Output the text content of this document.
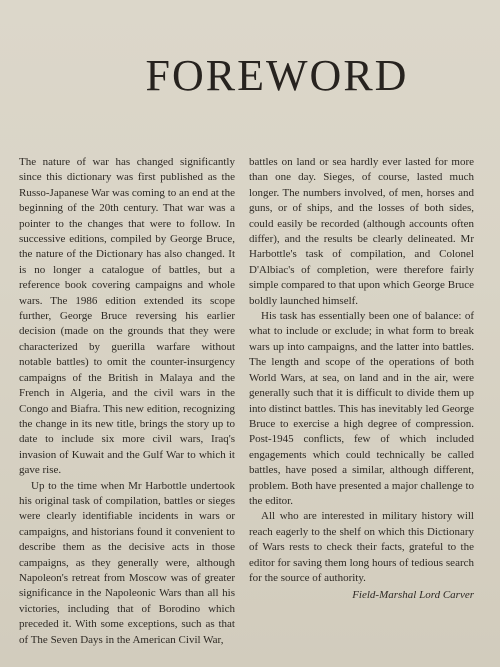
FOREWORD

The nature of war has changed significantly since this dictionary was first published as the Russo-Japanese War was coming to an end at the beginning of the 20th century. That war was a pointer to the changes that were to follow. In successive editions, compiled by George Bruce, the nature of the Dictionary has also changed. It is no longer a catalogue of battles, but a reference book covering campaigns and whole wars. The 1986 edition extended its scope further, George Bruce reversing his earlier decision (made on the grounds that they were characterized by guerilla warfare without notable battles) to omit the counter-insurgency campaigns of the British in Malaya and the French in Algeria, and the civil wars in the Congo and Biafra. This new edition, recognizing the change in its new title, brings the story up to date to include six more civil wars, Iraq's invasion of Kuwait and the Gulf War to which it gave rise.

Up to the time when Mr Harbottle undertook his original task of compilation, battles or sieges were clearly identifiable incidents in wars or campaigns, and historians found it convenient to describe them as the decisive acts in those campaigns, as they generally were, although Napoleon's retreat from Moscow was of greater significance in the Napoleonic Wars than all his victories, including that of Borodino which preceded it. With some exceptions, such as that of The Seven Days in the American Civil War,

battles on land or sea hardly ever lasted for more than one day. Sieges, of course, lasted much longer. The numbers involved, of men, horses and guns, or of ships, and the losses of both sides, could easily be recorded (although accounts often differ), and the results be clearly delineated. Mr Harbottle's task of compilation, and Colonel D'Albiac's of completion, were therefore fairly simple compared to that upon which George Bruce boldly launched himself.

His task has essentially been one of balance: of what to include or exclude; in what form to break wars up into campaigns, and the latter into battles. The length and scope of the operations of both World Wars, at sea, on land and in the air, were generally such that it is difficult to divide them up into distinct battles. This has inevitably led George Bruce to exercise a high degree of compression. Post-1945 conflicts, few of which included engagements which could technically be called battles, have posed a similar, although different, problem. Both have presented a major challenge to the editor.

All who are interested in military history will reach eagerly to the shelf on which this Dictionary of Wars rests to check their facts, grateful to the editor for saving them long hours of tedious search for the source of authority.

Field-Marshal Lord Carver
